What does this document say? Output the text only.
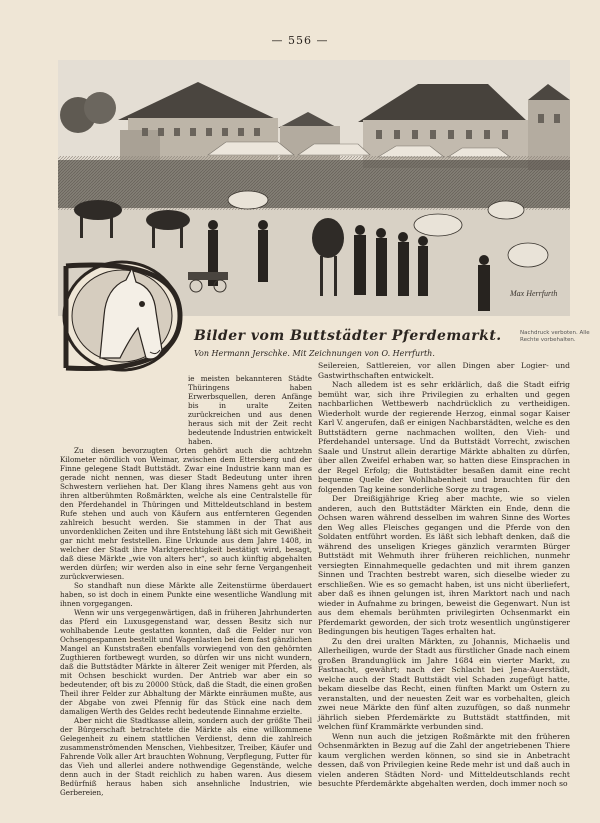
— 556 —
Max Herrfurth
Nachdruck verboten. Alle Rechte vorbehalten.
Bilder vom Buttstädter Pferdemarkt.
Von Hermann Jerschke. Mit Zeichnungen von O. Herrfurth.

ie meisten bekannteren Städte Thüringens haben Erwerbsquellen, deren Anfänge bis in uralte Zeiten zurückreichen und aus denen heraus sich mit der Zeit recht bedeutende Industrien entwickelt haben.

Zu diesen bevorzugten Orten gehört auch die achtzehn Kilometer nördlich von Weimar, zwischen dem Ettersberg und der Finne gelegene Stadt Buttstädt. Zwar eine Industrie kann man es gerade nicht nennen, was dieser Stadt Bedeutung unter ihren Schwestern verliehen hat. Der Klang ihres Namens geht aus von ihren altberühmten Roßmärkten, welche als eine Centralstelle für den Pferdehandel in Thüringen und Mitteldeutschland in bestem Rufe stehen und auch von Käufern aus entfernteren Gegenden zahlreich besucht werden. Sie stammen in der That aus unvordenklichen Zeiten und ihre Entstehung läßt sich mit Gewißheit gar nicht mehr feststellen. Eine Urkunde aus dem Jahre 1408, in welcher der Stadt ihre Marktgerechtigkeit bestätigt wird, besagt, daß diese Märkte „wie von alters her“, so auch künftig abgehalten werden dürfen; wir werden also in eine sehr ferne Vergangenheit zurückverwiesen.

So standhaft nun diese Märkte alle Zeitenstürme überdauert haben, so ist doch in einem Punkte eine wesentliche Wandlung mit ihnen vorgegangen.

Wenn wir uns vergegenwärtigen, daß in früheren Jahrhunderten das Pferd ein Luxusgegenstand war, dessen Besitz sich nur wohlhabende Leute gestatten konnten, daß die Felder nur von Ochsengespannen bestellt und Wagenlasten bei dem fast gänzlichen Mangel an Kunststraßen ebenfalls vorwiegend von den gehörnten Zugthieren fortbewegt wurden, so dürfen wir uns nicht wundern, daß die Buttstädter Märkte in älterer Zeit weniger mit Pferden, als mit Ochsen beschickt wurden. Der Antrieb war aber ein so bedeutender, oft bis zu 20000 Stück, daß die Stadt, die einen großen Theil ihrer Felder zur Abhaltung der Märkte einräumen mußte, aus der Abgabe von zwei Pfennig für das Stück eine nach dem damaligen Werth des Geldes recht bedeutende Einnahme erzielte.

Aber nicht die Stadtkasse allein, sondern auch der größte Theil der Bürgerschaft betrachtete die Märkte als eine willkommene Gelegenheit zu einem stattlichen Verdienst, denn die zahlreich zusammenströmenden Menschen, Viehbesitzer, Treiber, Käufer und Fahrende Volk aller Art brauchten Wohnung, Verpflegung, Futter für das Vieh und allerlei andere nothwendige Gegenstände, welche denn auch in der Stadt reichlich zu haben waren. Aus diesem Bedürfniß heraus haben sich ansehnliche Industrien, wie Gerbereien,

Seilereien, Sattlereien, vor allen Dingen aber Logier- und Gastwirthschaften entwickelt.

Nach alledem ist es sehr erklärlich, daß die Stadt eifrig bemüht war, sich ihre Privilegien zu erhalten und gegen nachbarlichen Wettbewerb nachdrücklich zu vertheidigen. Wiederholt wurde der regierende Herzog, einmal sogar Kaiser Karl V. angerufen, daß er einigen Nachbarstädten, welche es den Buttstädtern gerne nachmachen wollten, den Vieh- und Pferdehandel untersage. Und da Buttstädt Vorrecht, zwischen Saale und Unstrut allein derartige Märkte abhalten zu dürfen, über allen Zweifel erhaben war, so hatten diese Einsprachen in der Regel Erfolg; die Buttstädter besaßen damit eine recht bequeme Quelle der Wohlhabenheit und brauchten für den folgenden Tag keine sonderliche Sorge zu tragen.

Der Dreißigjährige Krieg aber machte, wie so vielen anderen, auch den Buttstädter Märkten ein Ende, denn die Ochsen waren während desselben im wahren Sinne des Wortes den Weg alles Fleisches gegangen und die Pferde von den Soldaten entführt worden. Es läßt sich lebhaft denken, daß die während des unseligen Krieges gänzlich verarmten Bürger Buttstädt mit Wehmuth ihrer früheren reichlichen, nunmehr versiegten Einnahmequelle gedachten und mit ihrem ganzen Sinnen und Trachten bestrebt waren, sich dieselbe wieder zu erschließen. Wie es so gemacht haben, ist uns nicht überliefert, aber daß es ihnen gelungen ist, ihren Marktort nach und nach wieder in Aufnahme zu bringen, beweist die Gegenwart. Nun ist aus dem ehemals berühmten privilegirten Ochsenmarkt ein Pferdemarkt geworden, der sich trotz wesentlich ungünstigerer Bedingungen bis heutigen Tages erhalten hat.

Zu den drei uralten Märkten, zu Johannis, Michaelis und Allerheiligen, wurde der Stadt aus fürstlicher Gnade nach einem großen Brandunglück im Jahre 1684 ein vierter Markt, zu Fastnacht, gewährt; nach der Schlacht bei Jena-Auerstädt, welche auch der Stadt Buttstädt viel Schaden zugefügt hatte, bekam dieselbe das Recht, einen fünften Markt um Ostern zu veranstalten, und der neuesten Zeit war es vorbehalten, gleich zwei neue Märkte den fünf alten zuzufügen, so daß nunmehr jährlich sieben Pferdemärkte zu Buttstädt stattfinden, mit welchen fünf Krammärkte verbunden sind.

Wenn nun auch die jetzigen Roßmärkte mit den früheren Ochsenmärkten in Bezug auf die Zahl der angetriebenen Thiere kaum verglichen werden können, so sind sie in Anbetracht dessen, daß von Privilegien keine Rede mehr ist und daß auch in vielen anderen Städten Nord- und Mitteldeutschlands recht besuchte Pferdemärkte abgehalten werden, doch immer noch so
